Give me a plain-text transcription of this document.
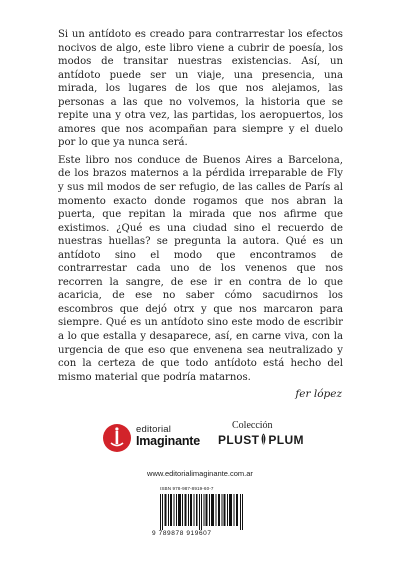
Si un antídoto es creado para contrarrestar los efectos nocivos de algo, este libro viene a cubrir de poesía, los modos de transitar nuestras existencias. Así, un antídoto puede ser un viaje, una presencia, una mirada, los lugares de los que nos alejamos, las personas a las que no volvemos, la historia que se repite una y otra vez, las partidas, los aeropuertos, los amores que nos acompañan para siempre y el duelo por lo que ya nunca será.

Este libro nos conduce de Buenos Aires a Barcelona, de los brazos maternos a la pérdida irreparable de Fly y sus mil modos de ser refugio, de las calles de París al momento exacto donde rogamos que nos abran la puerta, que repitan la mirada que nos afirme que existimos. ¿Qué es una ciudad sino el recuerdo de nuestras huellas? se pregunta la autora. Qué es un antídoto sino el modo que encontramos de contrarrestar cada uno de los venenos que nos recorren la sangre, de ese ir en contra de lo que acaricia, de ese no saber cómo sacudirnos los escombros que dejó otrx y que nos marcaron para siempre. Qué es un antídoto sino este modo de escribir a lo que estalla y desaparece, así, en carne viva, con la urgencia de que eso que envenena sea neutralizado y con la certeza de que todo antídoto está hecho del mismo material que podría matarnos.

fer lópez
editorial
Imaginante
Colección
PLUST PLUM
www.editorialimaginante.com.ar
ISBN 978-987-8919-60-7
9 789878 919607
